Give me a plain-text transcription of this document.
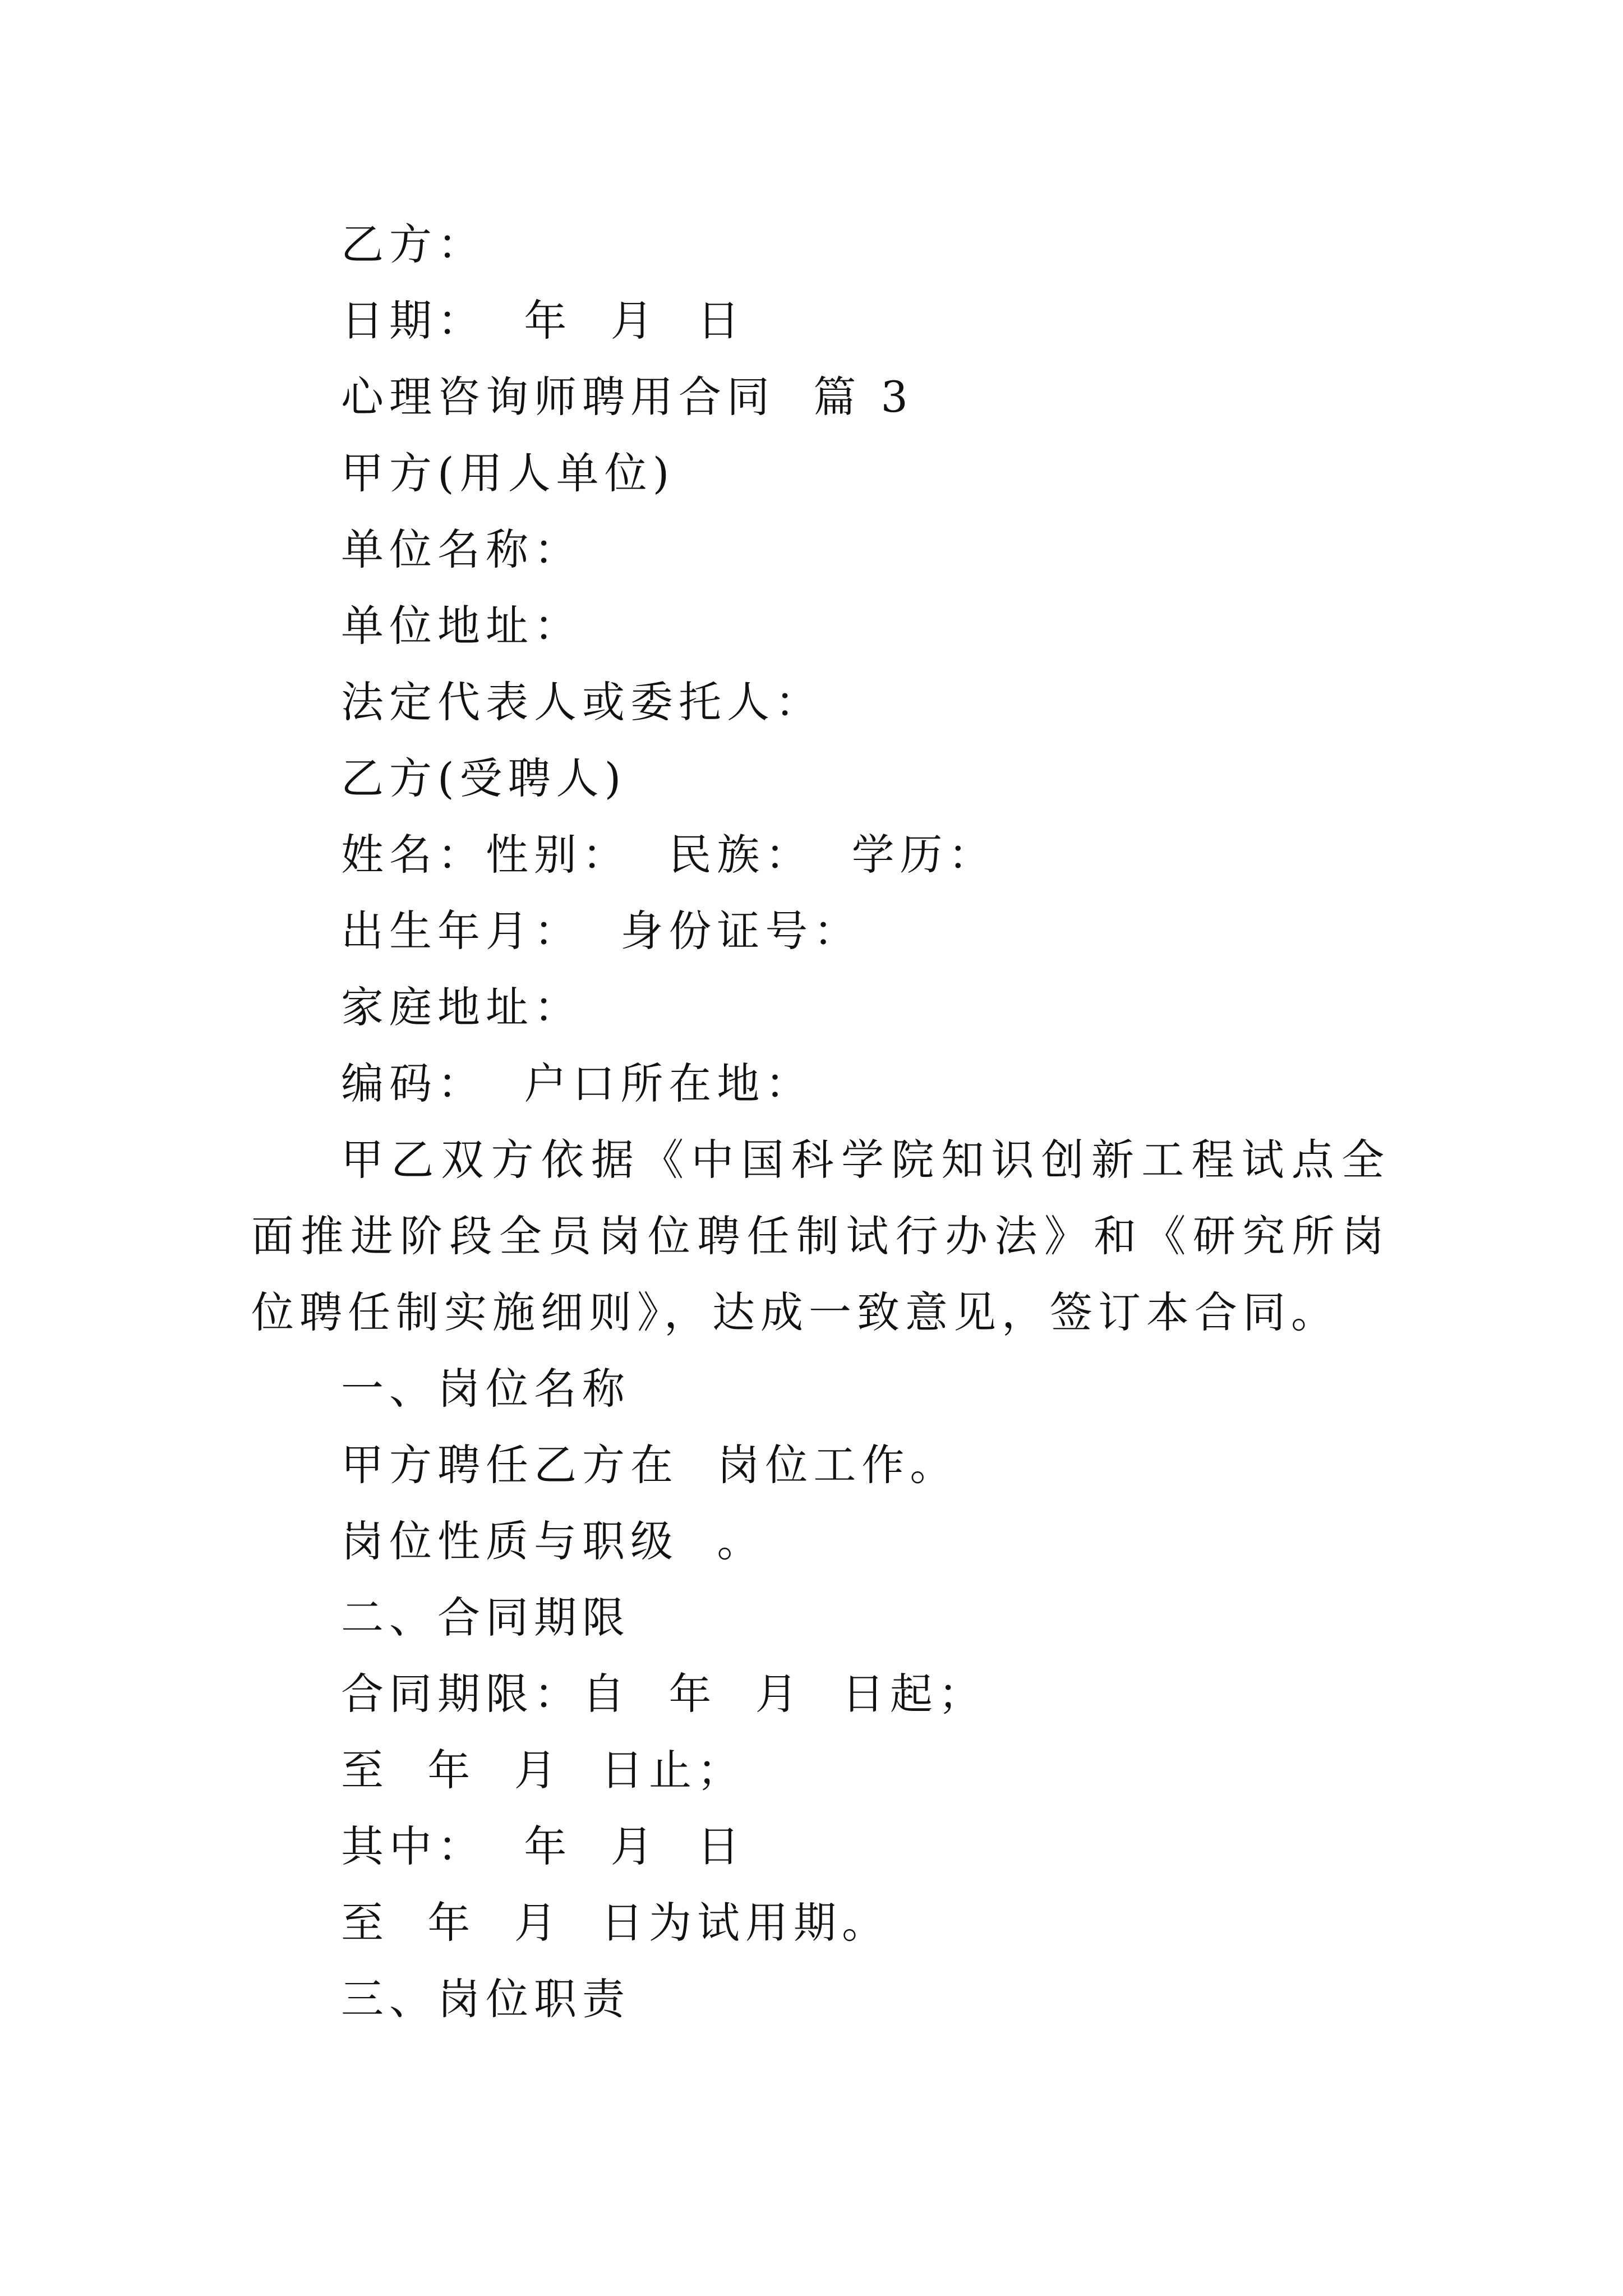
乙方：
日期：  年  月  日
心理咨询师聘用合同  篇 3
甲方(用人单位)
单位名称：
单位地址：
法定代表人或委托人：
乙方(受聘人)
姓名：性别：  民族：  学历：
出生年月：  身份证号：
家庭地址：
编码：  户口所在地：

甲乙双方依据《中国科学院知识创新工程试点全面推进阶段全员岗位聘任制试行办法》和《研究所岗位聘任制实施细则》，达成一致意见，签订本合同。

一、岗位名称
甲方聘任乙方在  岗位工作。
岗位性质与职级  。
二、合同期限
合同期限：自  年  月  日起；
至  年  月  日止；
其中：  年  月  日
至  年  月  日为试用期。
三、岗位职责
